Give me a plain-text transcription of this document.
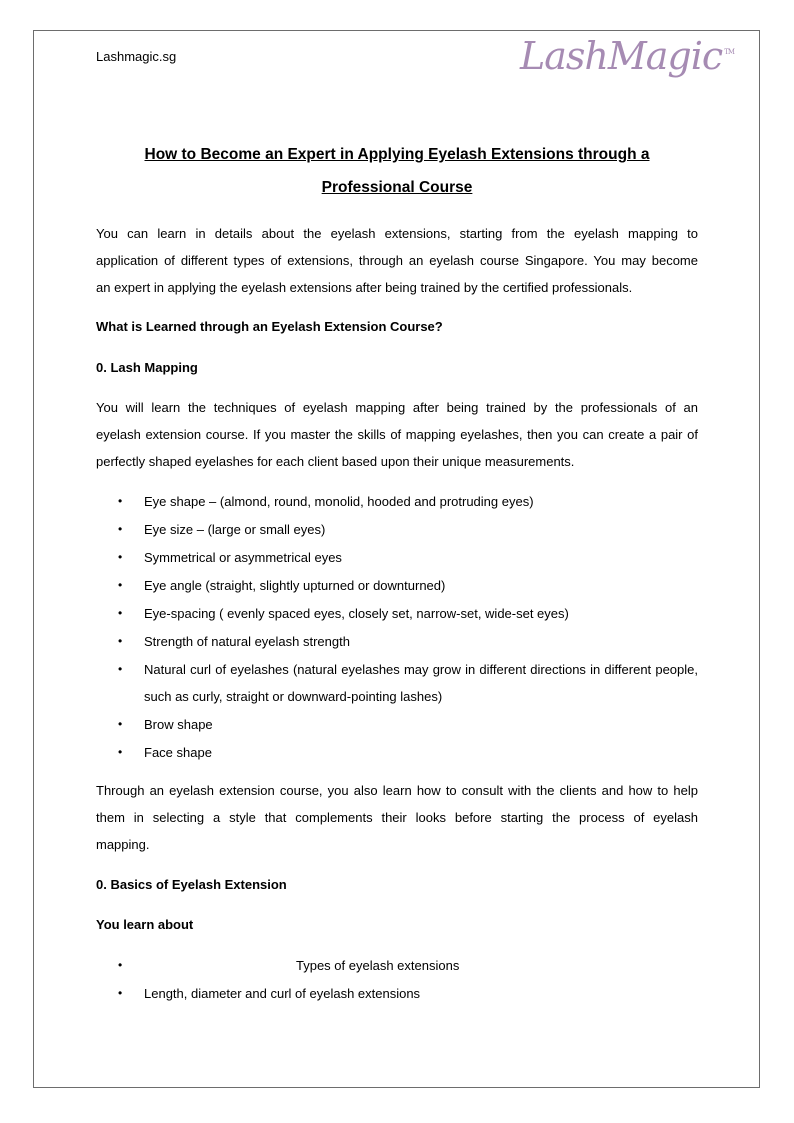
Lashmagic.sg	LashMagic ™
How to Become an Expert in Applying Eyelash Extensions through a
Professional Course
You can learn in details about the eyelash extensions, starting from the eyelash mapping to
application of different types of extensions, through an eyelash course Singapore. You may become
an expert in applying the eyelash extensions after being trained by the certified professionals.
What is Learned through an Eyelash Extension Course?
0. Lash Mapping
You will learn the techniques of eyelash mapping after being trained by the professionals of an
eyelash extension course. If you master the skills of mapping eyelashes, then you can create a pair of
perfectly shaped eyelashes for each client based upon their unique measurements.
• Eye shape – (almond, round, monolid, hooded and protruding eyes)
• Eye size – (large or small eyes)
• Symmetrical or asymmetrical eyes
• Eye angle (straight, slightly upturned or downturned)
• Eye-spacing ( evenly spaced eyes, closely set, narrow-set, wide-set eyes)
• Strength of natural eyelash strength
• Natural curl of eyelashes (natural eyelashes may grow in different directions in different people, such as curly, straight or downward-pointing lashes)
• Brow shape
• Face shape
Through an eyelash extension course, you also learn how to consult with the clients and how to help
them in selecting a style that complements their looks before starting the process of eyelash
mapping.
0. Basics of Eyelash Extension
You learn about
•	Types of eyelash extensions
• Length, diameter and curl of eyelash extensions
